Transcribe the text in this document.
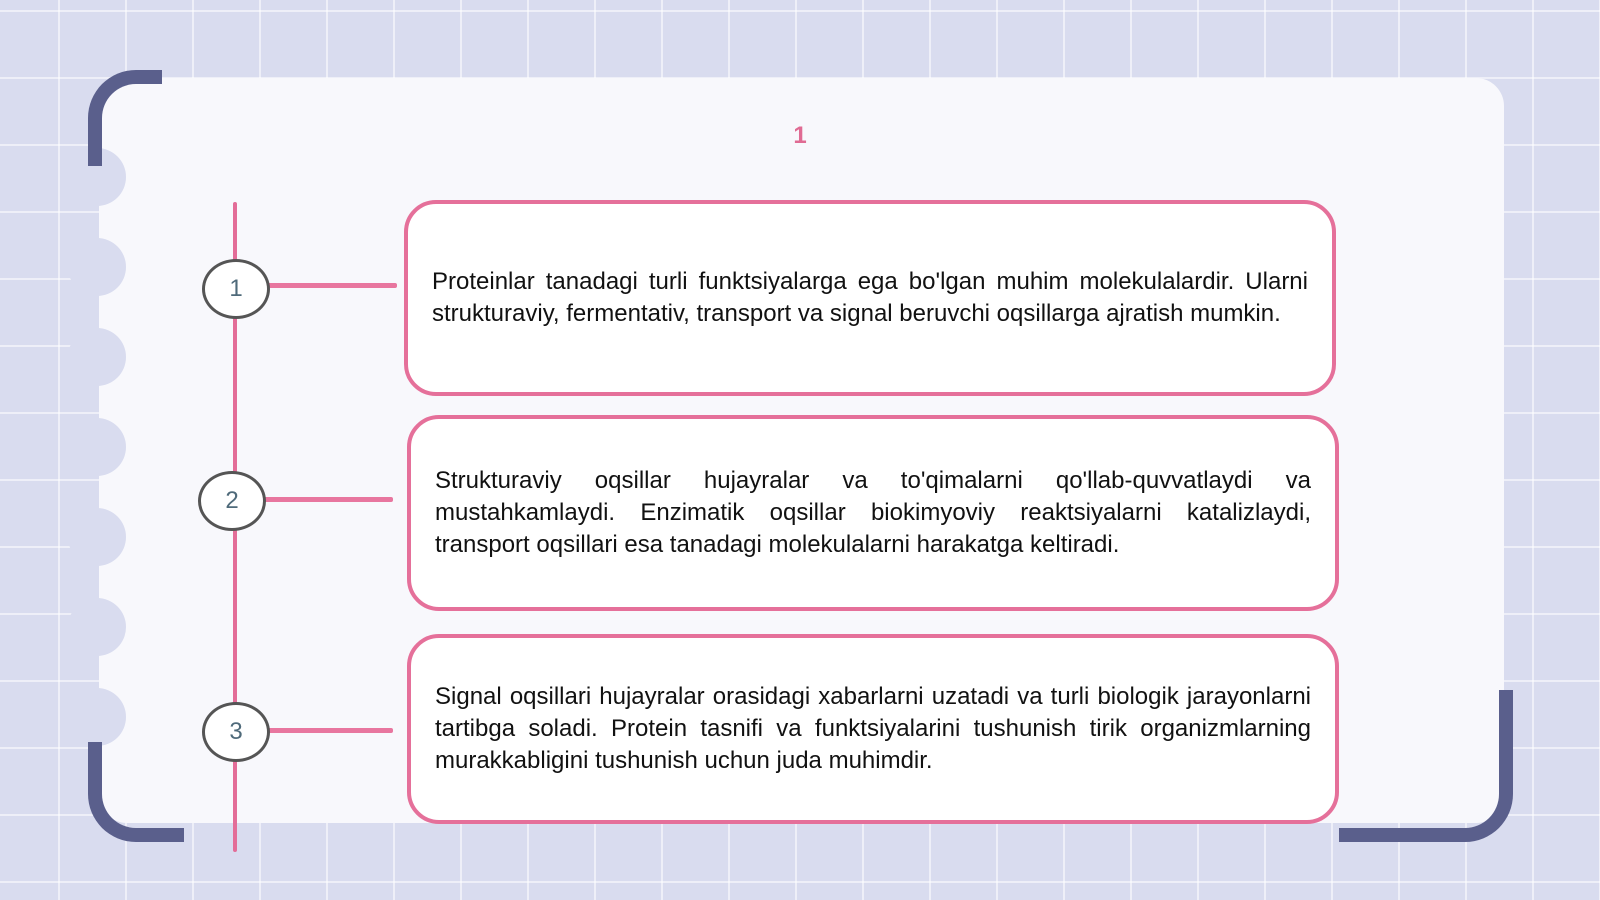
1
1
2
3

Proteinlar tanadagi turli funktsiyalarga ega bo'lgan muhim molekulalardir. Ularni strukturaviy, fermentativ, transport va signal beruvchi oqsillarga ajratish mumkin.

Strukturaviy oqsillar hujayralar va to'qimalarni qo'llab-quvvatlaydi va mustahkamlaydi. Enzimatik oqsillar biokimyoviy reaktsiyalarni katalizlaydi, transport oqsillari esa tanadagi molekulalarni harakatga keltiradi.

Signal oqsillari hujayralar orasidagi xabarlarni uzatadi va turli biologik jarayonlarni tartibga soladi. Protein tasnifi va funktsiyalarini tushunish tirik organizmlarning murakkabligini tushunish uchun juda muhimdir.
